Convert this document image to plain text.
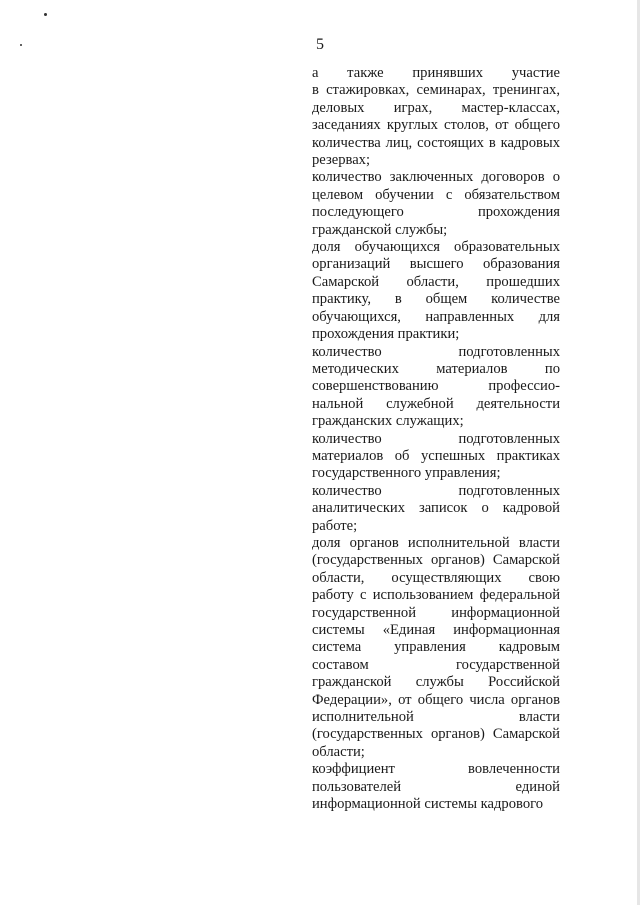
5

а также принявших участие
в стажировках, семинарах, тренингах,
деловых играх, мастер-классах,
заседаниях круглых столов, от общего
количества лиц, состоящих в кадровых
резервах;

количество заключенных договоров о
целевом обучении с обязательством
последующего прохождения
гражданской службы;

доля обучающихся образовательных
организаций высшего образования
Самарской области, прошедших
практику, в общем количестве
обучающихся, направленных для
прохождения практики;

количество подготовленных
методических материалов по
совершенствованию профессио-
нальной служебной деятельности
гражданских служащих;

количество подготовленных
материалов об успешных практиках
государственного управления;

количество подготовленных
аналитических записок о кадровой
работе;

доля органов исполнительной власти
(государственных органов) Самарской
области, осуществляющих свою
работу с использованием федеральной
государственной информационной
системы «Единая информационная
система управления кадровым
составом государственной
гражданской службы Российской
Федерации», от общего числа органов
исполнительной власти
(государственных органов) Самарской
области;

коэффициент вовлеченности
пользователей единой
информационной системы кадрового
